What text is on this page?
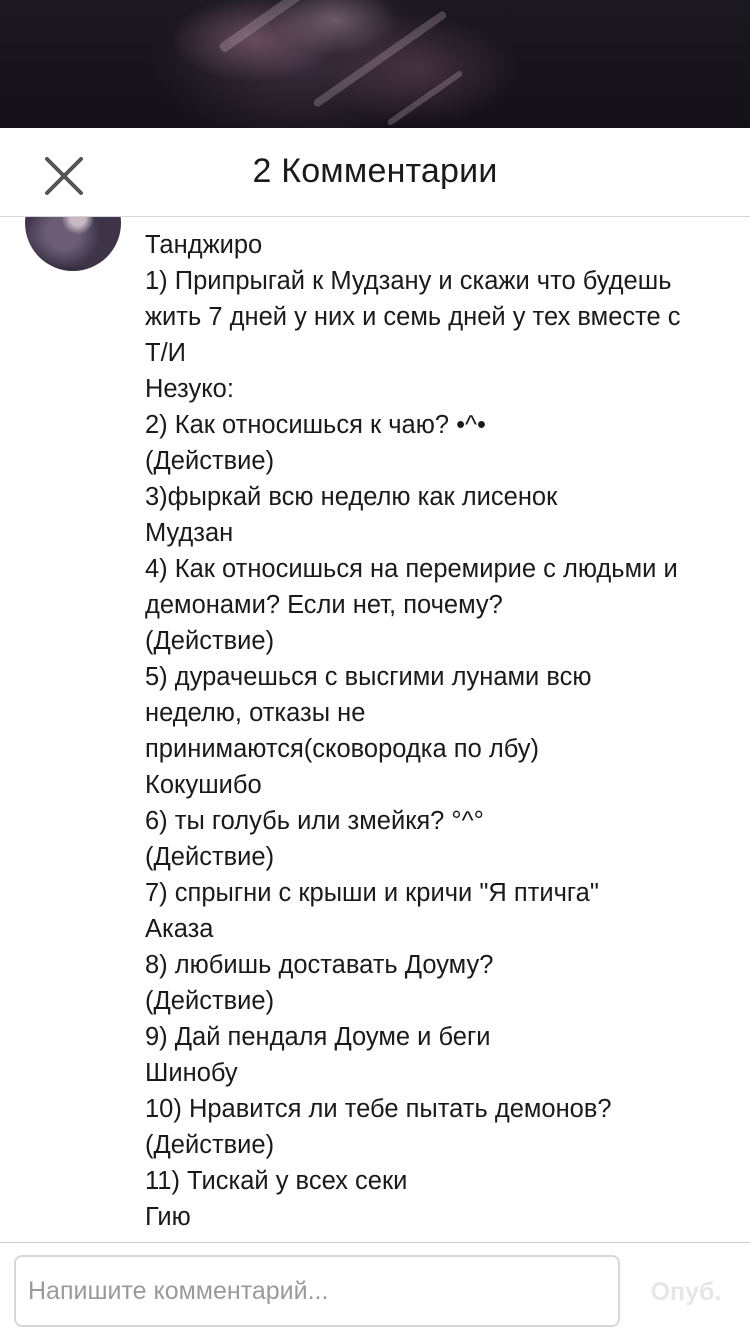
2 Комментарии
Танджиро
1) Припрыгай к Мудзану и скажи что будешь
жить 7 дней у них и семь дней у тех вместе с
Т/И
Незуко:
2) Как относишься к чаю? •^•
(Действие)
3)фыркай всю неделю как лисенок
Мудзан
4) Как относишься на перемирие с людьми и
демонами? Если нет, почему?
(Действие)
5) дурачешься с высгими лунами всю
неделю, отказы не
принимаются(сковородка по лбу)
Кокушибо
6) ты голубь или змейкя? °^°
(Действие)
7) спрыгни с крыши и кричи "Я птичга"
Аказа
8) любишь доставать Доуму?
(Действие)
9) Дай пендаля Доуме и беги
Шинобу
10) Нравится ли тебе пытать демонов?
(Действие)
11) Тискай у всех секи
Гию
Напишите комментарий...
Опуб.
